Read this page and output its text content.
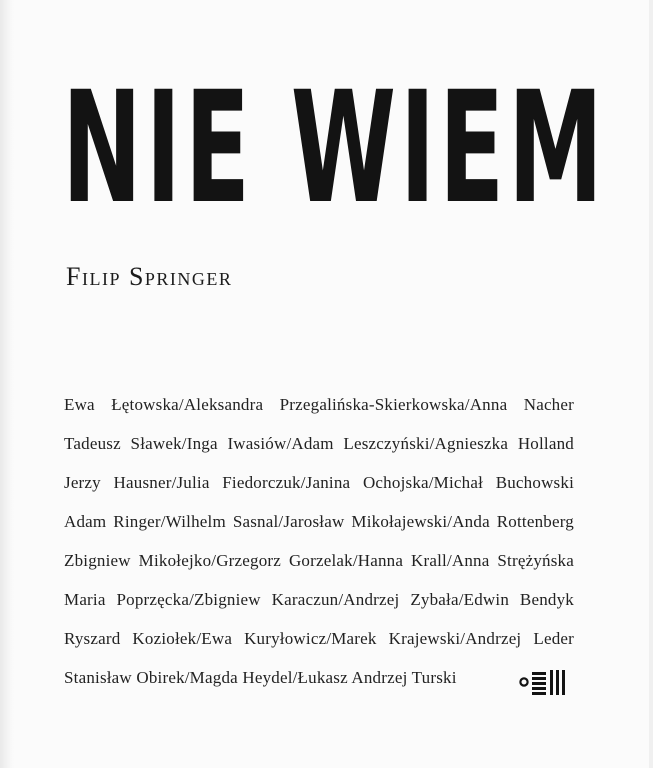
NIE WIEM
Filip Springer
Ewa Łętowska/Aleksandra Przegalińska-Skierkowska/Anna Nacher
Tadeusz Sławek/Inga Iwasiów/Adam Leszczyński/Agnieszka Holland
Jerzy Hausner/Julia Fiedorczuk/Janina Ochojska/Michał Buchowski
Adam Ringer/Wilhelm Sasnal/Jarosław Mikołajewski/Anda Rottenberg
Zbigniew Mikołejko/Grzegorz Gorzelak/Hanna Krall/Anna Strężyńska
Maria Poprzęcka/Zbigniew Karaczun/Andrzej Zybała/Edwin Bendyk
Ryszard Koziołek/Ewa Kuryłowicz/Marek Krajewski/Andrzej Leder
Stanisław Obirek/Magda Heydel/Łukasz Andrzej Turski
